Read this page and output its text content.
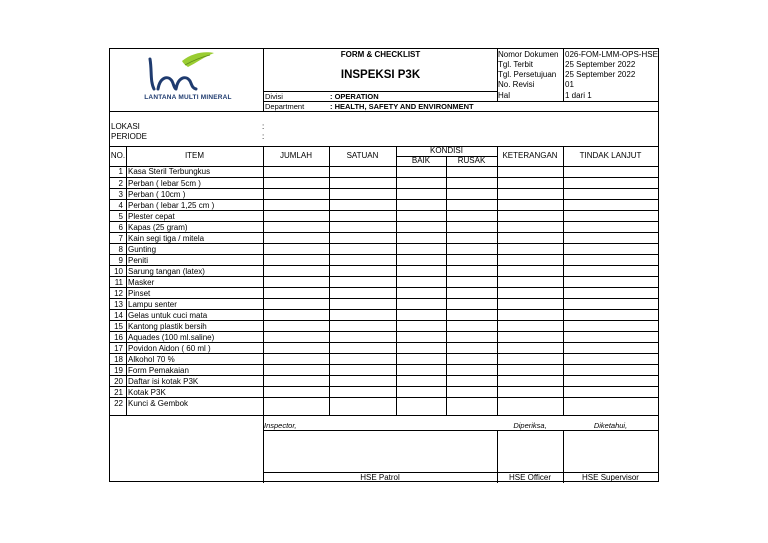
LANTANA MULTI MINERAL
FORM & CHECKLIST
INSPEKSI P3K
Nomor Dokumen 026-FOM-LMM-OPS-HSE
Tgl. Terbit	25 September 2022
Tgl. Persetujuan 25 September 2022
No. Revisi	01
Hal	1 dari 1
Divisi	: OPERATION
Department	: HEALTH, SAFETY AND ENVIRONMENT
LOKASI	:
PERIODE	:
NO.	ITEM	JUMLAH	SATUAN
KONDISI
BAIK	RUSAK
KETERANGAN	TINDAK LANJUT
1 Kasa Steril Terbungkus
2 Perban ( lebar 5cm )
3 Perban ( 10cm )
4 Perban ( lebar 1,25 cm )
5 Plester cepat
6 Kapas (25 gram)
7 Kain segi tiga / mitela
8 Gunting
9 Peniti
10 Sarung tangan (latex)
11 Masker
12 Pinset
13 Lampu senter
14 Gelas untuk cuci mata
15 Kantong plastik bersih
16 Aquades (100 ml.saline)
17 Povidon Aidon ( 60 ml )
18 Alkohol 70 %
19 Form Pemakaian
20 Daftar isi kotak P3K
21 Kotak P3K
22 Kunci & Gembok
Inspector,	Diperiksa,	Diketahui,
HSE Patrol	HSE Officer	HSE Supervisor
